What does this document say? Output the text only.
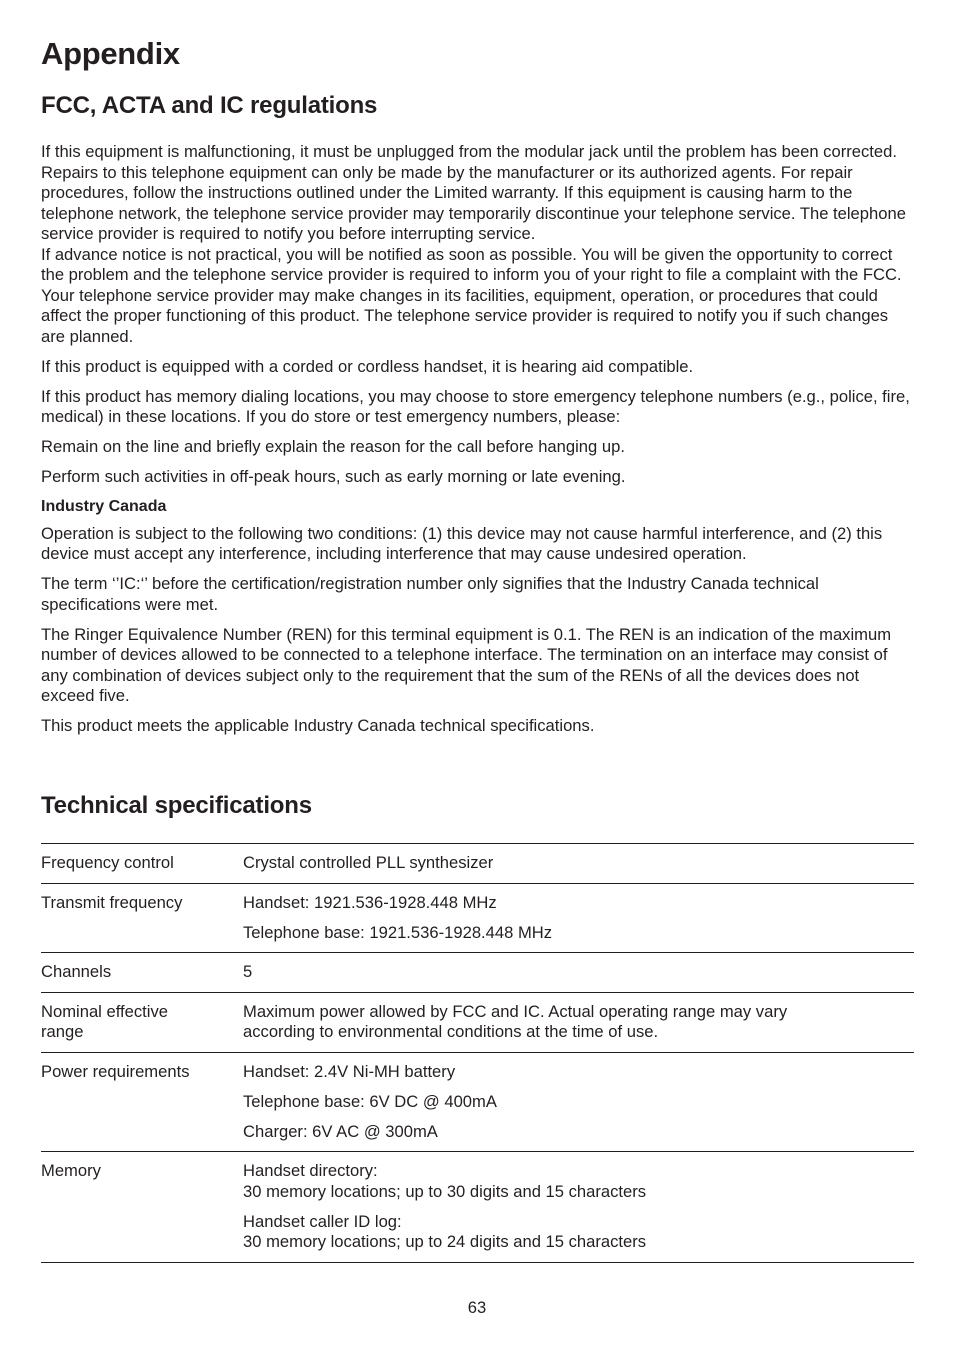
Appendix
FCC, ACTA and IC regulations

If this equipment is malfunctioning, it must be unplugged from the modular jack until the problem has been corrected. Repairs to this telephone equipment can only be made by the manufacturer or its authorized agents. For repair procedures, follow the instructions outlined under the Limited warranty. If this equipment is causing harm to the telephone network, the telephone service provider may temporarily discontinue your telephone service. The telephone service provider is required to notify you before interrupting service.

If advance notice is not practical, you will be notified as soon as possible. You will be given the opportunity to correct the problem and the telephone service provider is required to inform you of your right to file a complaint with the FCC. Your telephone service provider may make changes in its facilities, equipment, operation, or procedures that could affect the proper functioning of this product. The telephone service provider is required to notify you if such changes are planned.

If this product is equipped with a corded or cordless handset, it is hearing aid compatible.

If this product has memory dialing locations, you may choose to store emergency telephone numbers (e.g., police, fire, medical) in these locations. If you do store or test emergency numbers, please:

Remain on the line and briefly explain the reason for the call before hanging up.

Perform such activities in off-peak hours, such as early morning or late evening.

Industry Canada

Operation is subject to the following two conditions: (1) this device may not cause harmful interference, and (2) this device must accept any interference, including interference that may cause undesired operation.

The term ‘’IC:‘’ before the certification/registration number only signifies that the Industry Canada technical specifications were met.

The Ringer Equivalence Number (REN) for this terminal equipment is 0.1. The REN is an indication of the maximum number of devices allowed to be connected to a telephone interface. The termination on an interface may consist of any combination of devices subject only to the requirement that the sum of the RENs of all the devices does not exceed five.

This product meets the applicable Industry Canada technical specifications.

Technical specifications
Frequency control	Crystal controlled PLL synthesizer

Transmit frequency	Handset: 1921.536-1928.448 MHz
Telephone base: 1921.536-1928.448 MHz

Channels	5

Nominal effective
range	Maximum power allowed by FCC and IC. Actual operating range may vary
according to environmental conditions at the time of use.

Power requirements	Handset: 2.4V Ni-MH battery
Telephone base: 6V DC @ 400mA
Charger: 6V AC @ 300mA

Memory	Handset directory:
30 memory locations; up to 30 digits and 15 characters
Handset caller ID log:
30 memory locations; up to 24 digits and 15 characters
63
